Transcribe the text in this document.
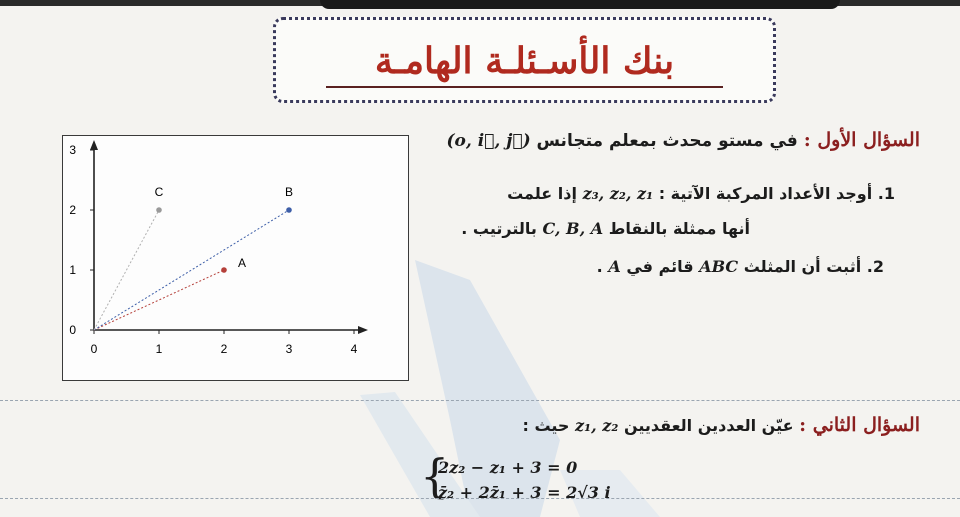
بنك الأسـئلـة الهامـة
السؤال الأول : في مستو محدث بمعلم متجانس (o, i⃗, j⃗)
1. أوجد الأعداد المركبة الآتية : z₃, z₂, z₁ إذا علمت
أنها ممثلة بالنقاط C, B, A بالترتيب .
2. أثبت أن المثلث ABC قائم في A .
0	1	2	3	4
0
1
2
3
A
B
C
السؤال الثاني : عيّن العددين العقديين z₁, z₂ حيث :
{
2z₂ − z₁ + 3 = 0
z̄₂ + 2z̄₁ + 3 = 2√3 i
